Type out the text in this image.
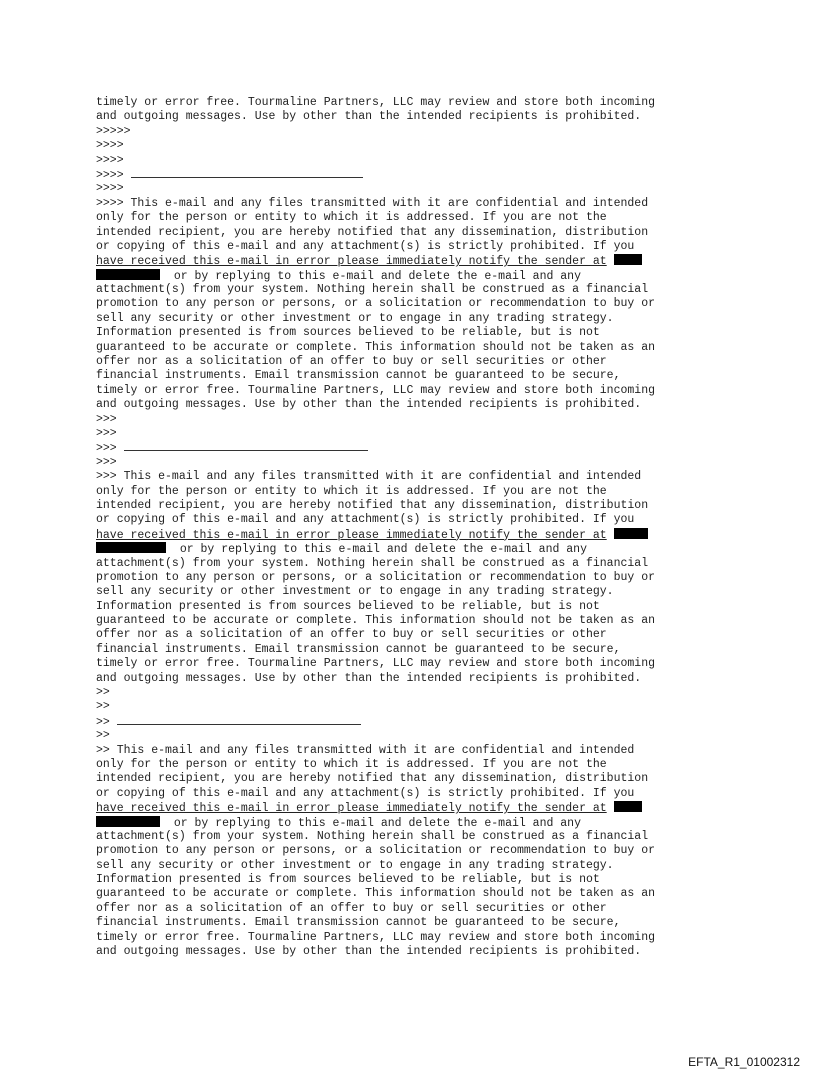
timely or error free. Tourmaline Partners, LLC may review and store both incoming
and outgoing messages. Use by other than the intended recipients is prohibited.
>>>>>
>>>>
>>>>
>>>>
>>>>
>>>> This e-mail and any files transmitted with it are confidential and intended
only for the person or entity to which it is addressed. If you are not the
intended recipient, you are hereby notified that any dissemination, distribution
or copying of this e-mail and any attachment(s) is strictly prohibited. If you
have received this e-mail in error please immediately notify the sender at
or by replying to this e-mail and delete the e-mail and any
attachment(s) from your system. Nothing herein shall be construed as a financial
promotion to any person or persons, or a solicitation or recommendation to buy or
sell any security or other investment or to engage in any trading strategy.
Information presented is from sources believed to be reliable, but is not
guaranteed to be accurate or complete. This information should not be taken as an
offer nor as a solicitation of an offer to buy or sell securities or other
financial instruments. Email transmission cannot be guaranteed to be secure,
timely or error free. Tourmaline Partners, LLC may review and store both incoming
and outgoing messages. Use by other than the intended recipients is prohibited.
>>>
>>>
>>>
>>>
>>> This e-mail and any files transmitted with it are confidential and intended
only for the person or entity to which it is addressed. If you are not the
intended recipient, you are hereby notified that any dissemination, distribution
or copying of this e-mail and any attachment(s) is strictly prohibited. If you
have received this e-mail in error please immediately notify the sender at
or by replying to this e-mail and delete the e-mail and any
attachment(s) from your system. Nothing herein shall be construed as a financial
promotion to any person or persons, or a solicitation or recommendation to buy or
sell any security or other investment or to engage in any trading strategy.
Information presented is from sources believed to be reliable, but is not
guaranteed to be accurate or complete. This information should not be taken as an
offer nor as a solicitation of an offer to buy or sell securities or other
financial instruments. Email transmission cannot be guaranteed to be secure,
timely or error free. Tourmaline Partners, LLC may review and store both incoming
and outgoing messages. Use by other than the intended recipients is prohibited.
>>
>>
>>
>>
>> This e-mail and any files transmitted with it are confidential and intended
only for the person or entity to which it is addressed. If you are not the
intended recipient, you are hereby notified that any dissemination, distribution
or copying of this e-mail and any attachment(s) is strictly prohibited. If you
have received this e-mail in error please immediately notify the sender at
or by replying to this e-mail and delete the e-mail and any
attachment(s) from your system. Nothing herein shall be construed as a financial
promotion to any person or persons, or a solicitation or recommendation to buy or
sell any security or other investment or to engage in any trading strategy.
Information presented is from sources believed to be reliable, but is not
guaranteed to be accurate or complete. This information should not be taken as an
offer nor as a solicitation of an offer to buy or sell securities or other
financial instruments. Email transmission cannot be guaranteed to be secure,
timely or error free. Tourmaline Partners, LLC may review and store both incoming
and outgoing messages. Use by other than the intended recipients is prohibited.
EFTA_R1_01002312
